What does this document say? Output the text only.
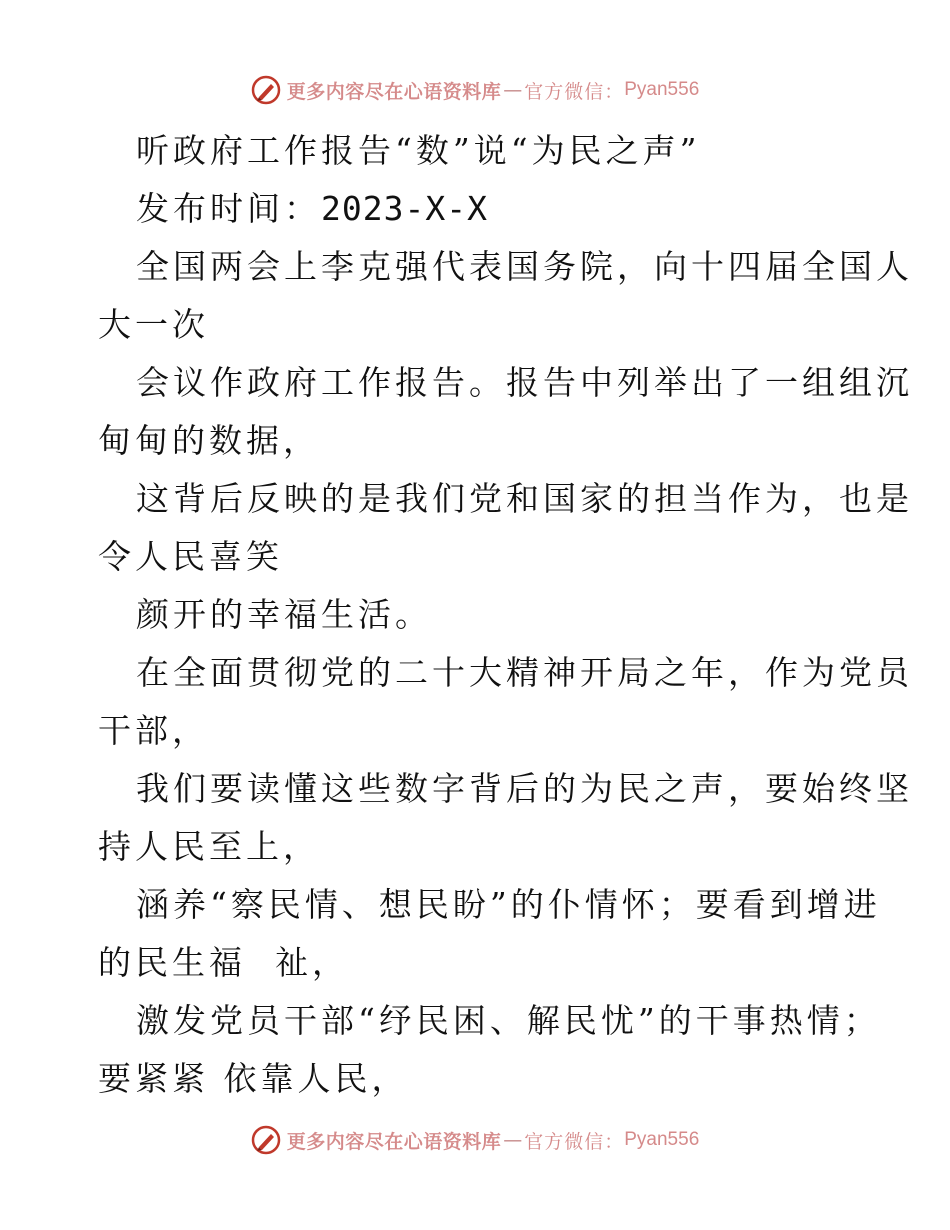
更多内容尽在心语资料库 — 官方微信： Pyan556

听政府工作报告“数”说“为民之声”

发布时间：2023-X-X

全国两会上李克强代表国务院，向十四届全国人

大一次

会议作政府工作报告。报告中列举出了一组组沉

甸甸的数据，

这背后反映的是我们党和国家的担当作为，也是

令人民喜笑

颜开的幸福生活。

在全面贯彻党的二十大精神开局之年，作为党员

干部，

我们要读懂这些数字背后的为民之声，要始终坚

持人民至上，

涵养“察民情、想民盼”的仆情怀；要看到增进

的民生福  祉，

激发党员干部“纾民困、解民忧”的干事热情；

要紧紧 依靠人民，

更多内容尽在心语资料库 — 官方微信： Pyan556
